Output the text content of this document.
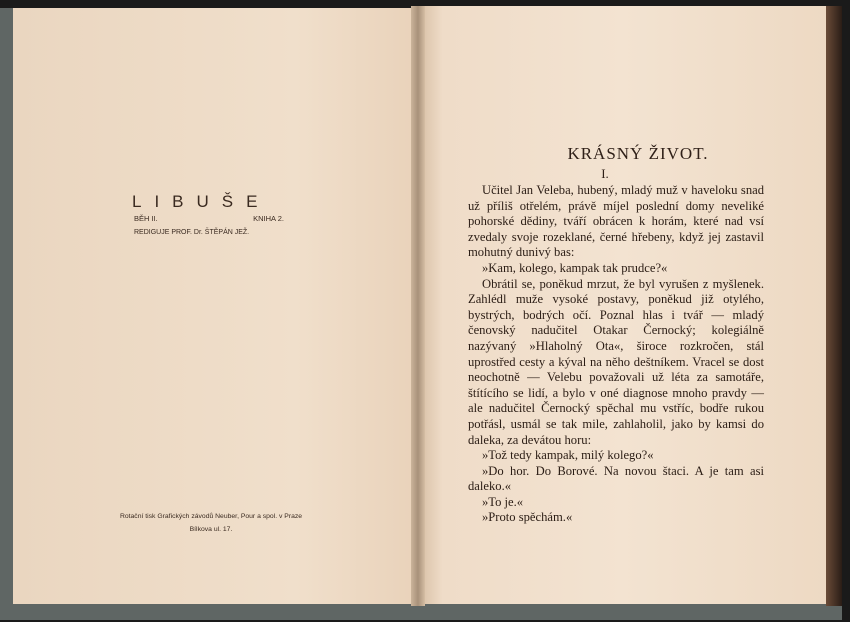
LIBUŠE
BĚH II.	KNIHA 2.
REDIGUJE PROF. Dr. ŠTĚPÁN JEŽ.
Rotační tisk Grafických závodů Neuber, Pour a spol. v Praze
Bílkova ul. 17.
KRÁSNÝ ŽIVOT.
I.

Učitel Jan Veleba, hubený, mladý muž v haveloku snad už příliš otřelém, právě míjel poslední domy neveliké pohorské dědiny, tváří obrácen k horám, které nad vsí zvedaly svoje rozeklané, černé hřebeny, když jej zastavil mohutný dunivý bas:

»Kam, kolego, kampak tak prudce?«

Obrátil se, poněkud mrzut, že byl vyrušen z myšlenek. Zahlédl muže vysoké postavy, poněkud již otylého, bystrých, bodrých očí. Poznal hlas i tvář — mladý čenovský nadučitel Otakar Černocký; kolegiálně nazývaný »Hlaholný Ota«, široce rozkročen, stál uprostřed cesty a kýval na něho deštníkem. Vracel se dost neochotně — Velebu považovali už léta za samotáře, štítícího se lidí, a bylo v oné diagnose mnoho pravdy — ale nadučitel Černocký spěchal mu vstříc, bodře rukou potřásl, usmál se tak mile, zahlaholil, jako by kamsi do daleka, za devátou horu:

»Tož tedy kampak, milý kolego?«

»Do hor. Do Borové. Na novou štaci. A je tam asi daleko.«

»To je.«

»Proto spěchám.«
